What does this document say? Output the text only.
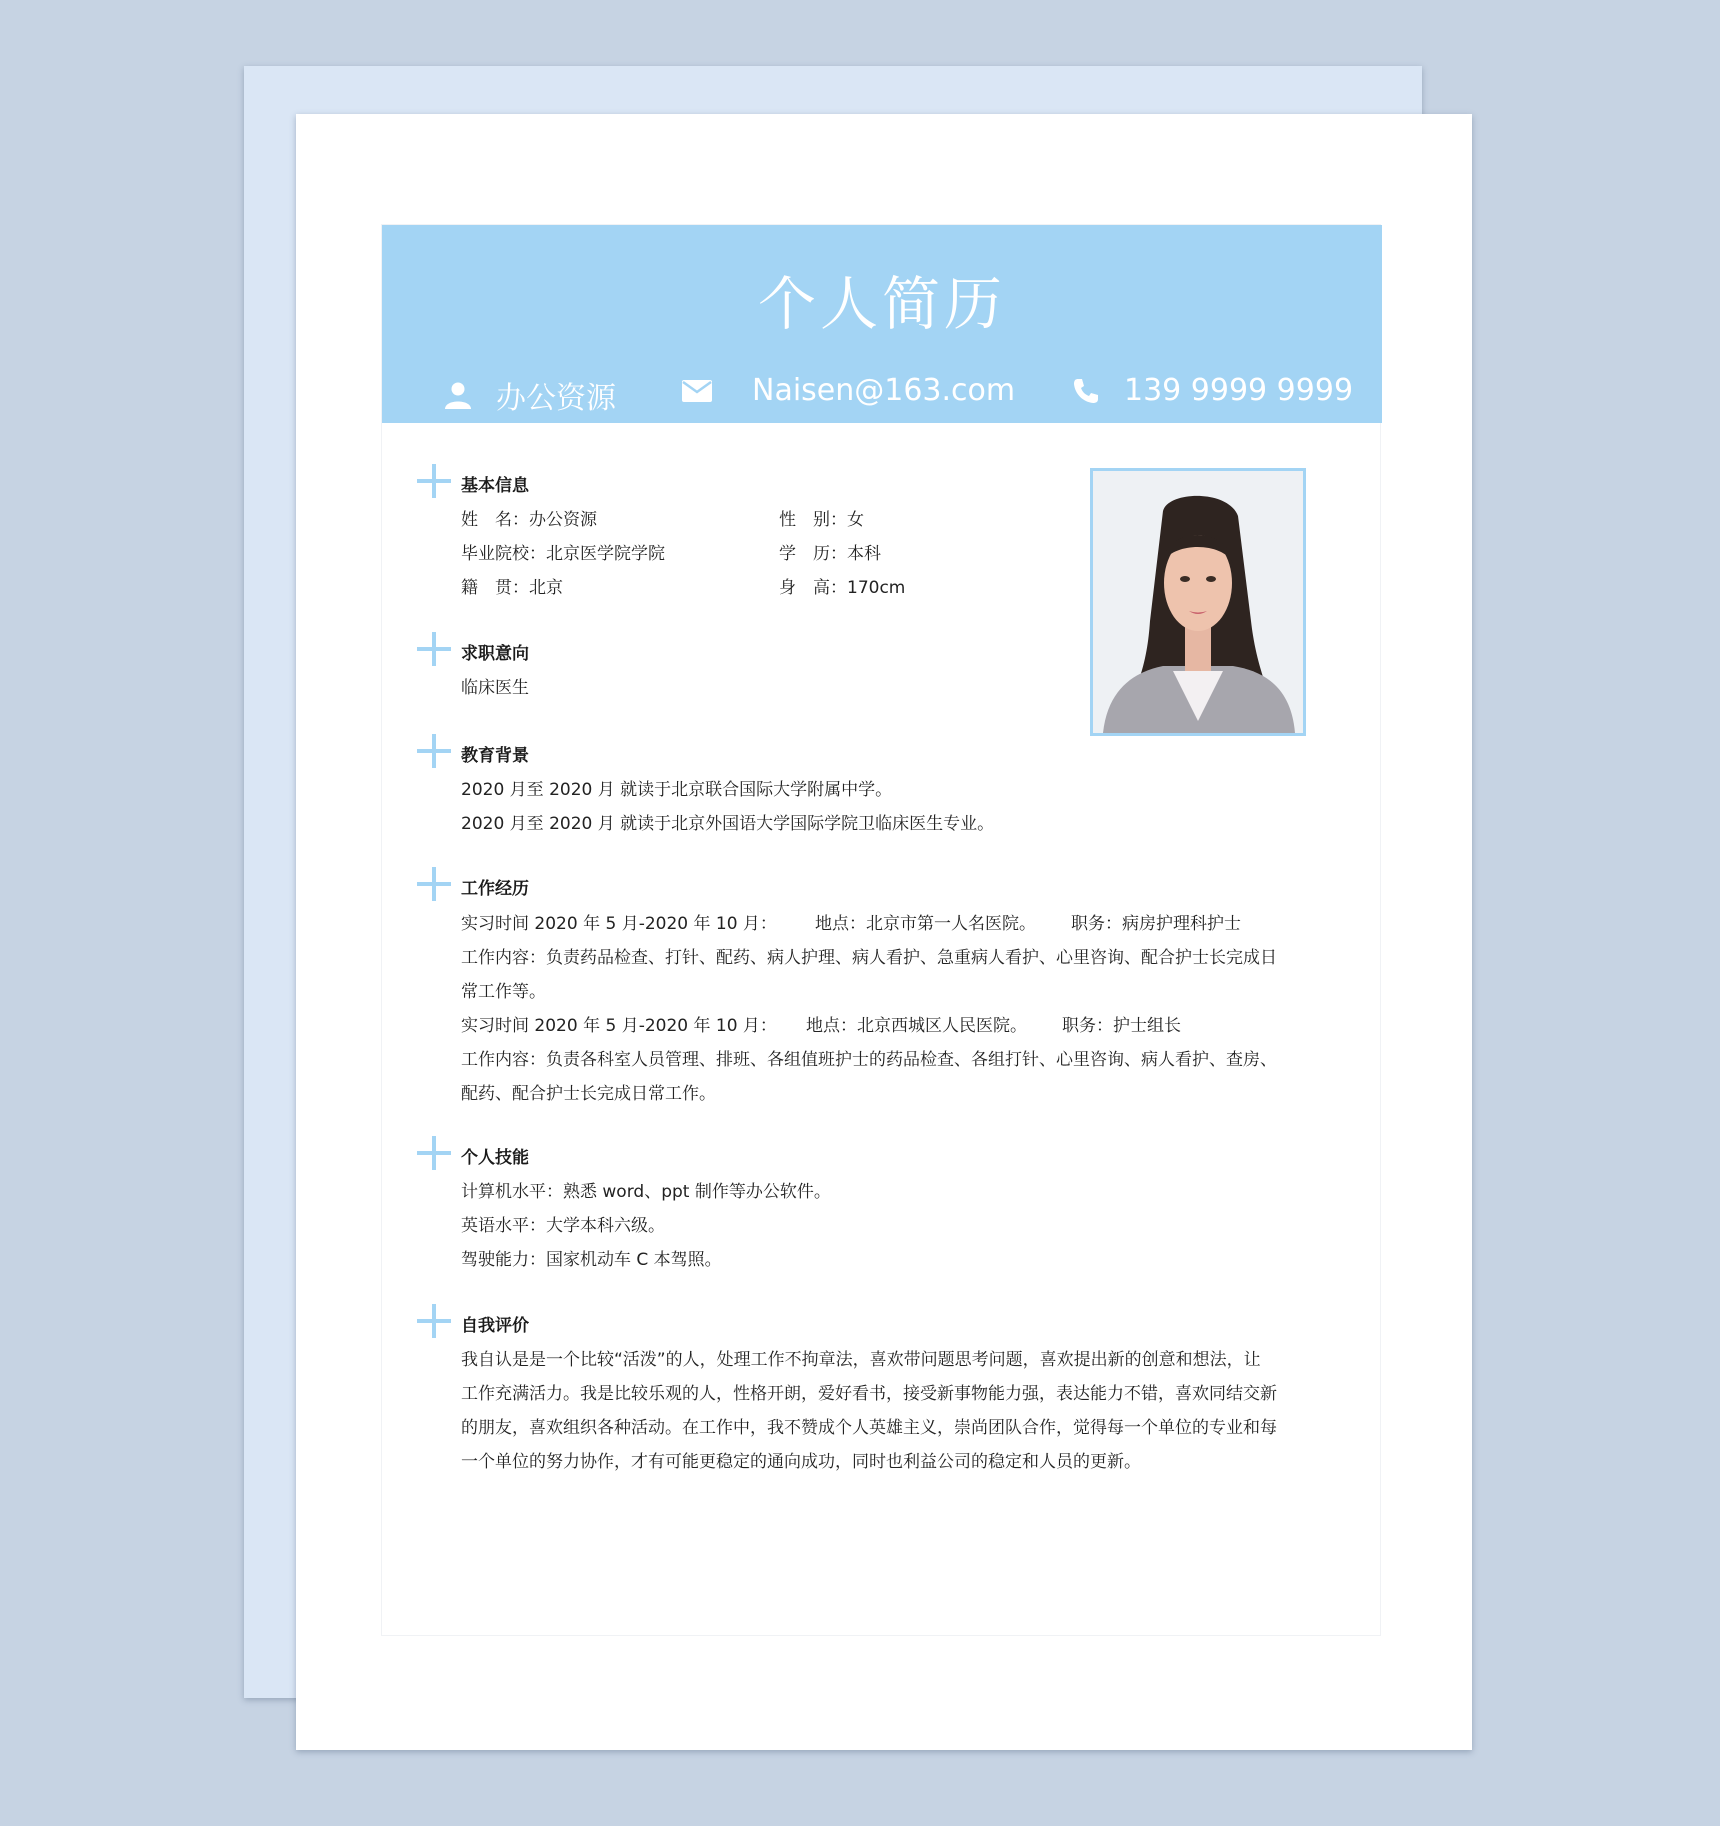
个人简历
办公资源	Naisen@163.com	139 9999 9999
基本信息
姓　名：办公资源	性　别：女
毕业院校：北京医学院学院	学　历：本科
籍　贯：北京	身　高：170cm
求职意向
临床医生
教育背景
2020 月至 2020 月 就读于北京联合国际大学附属中学。
2020 月至 2020 月 就读于北京外国语大学国际学院卫临床医生专业。
工作经历
实习时间 2020 年 5 月-2020 年 10 月： 地点：北京市第一人名医院。 职务：病房护理科护士
工作内容：负责药品检查、打针、配药、病人护理、病人看护、急重病人看护、心里咨询、配合护士长完成日
常工作等。
实习时间 2020 年 5 月-2020 年 10 月： 地点：北京西城区人民医院。 职务：护士组长
工作内容：负责各科室人员管理、排班、各组值班护士的药品检查、各组打针、心里咨询、病人看护、查房、
配药、配合护士长完成日常工作。
个人技能
计算机水平：熟悉 word、ppt 制作等办公软件。
英语水平：大学本科六级。
驾驶能力：国家机动车 C 本驾照。
自我评价
我自认是是一个比较“活泼”的人，处理工作不拘章法，喜欢带问题思考问题，喜欢提出新的创意和想法，让
工作充满活力。我是比较乐观的人，性格开朗，爱好看书，接受新事物能力强，表达能力不错，喜欢同结交新
的朋友，喜欢组织各种活动。在工作中，我不赞成个人英雄主义，崇尚团队合作，觉得每一个单位的专业和每
一个单位的努力协作，才有可能更稳定的通向成功，同时也利益公司的稳定和人员的更新。
